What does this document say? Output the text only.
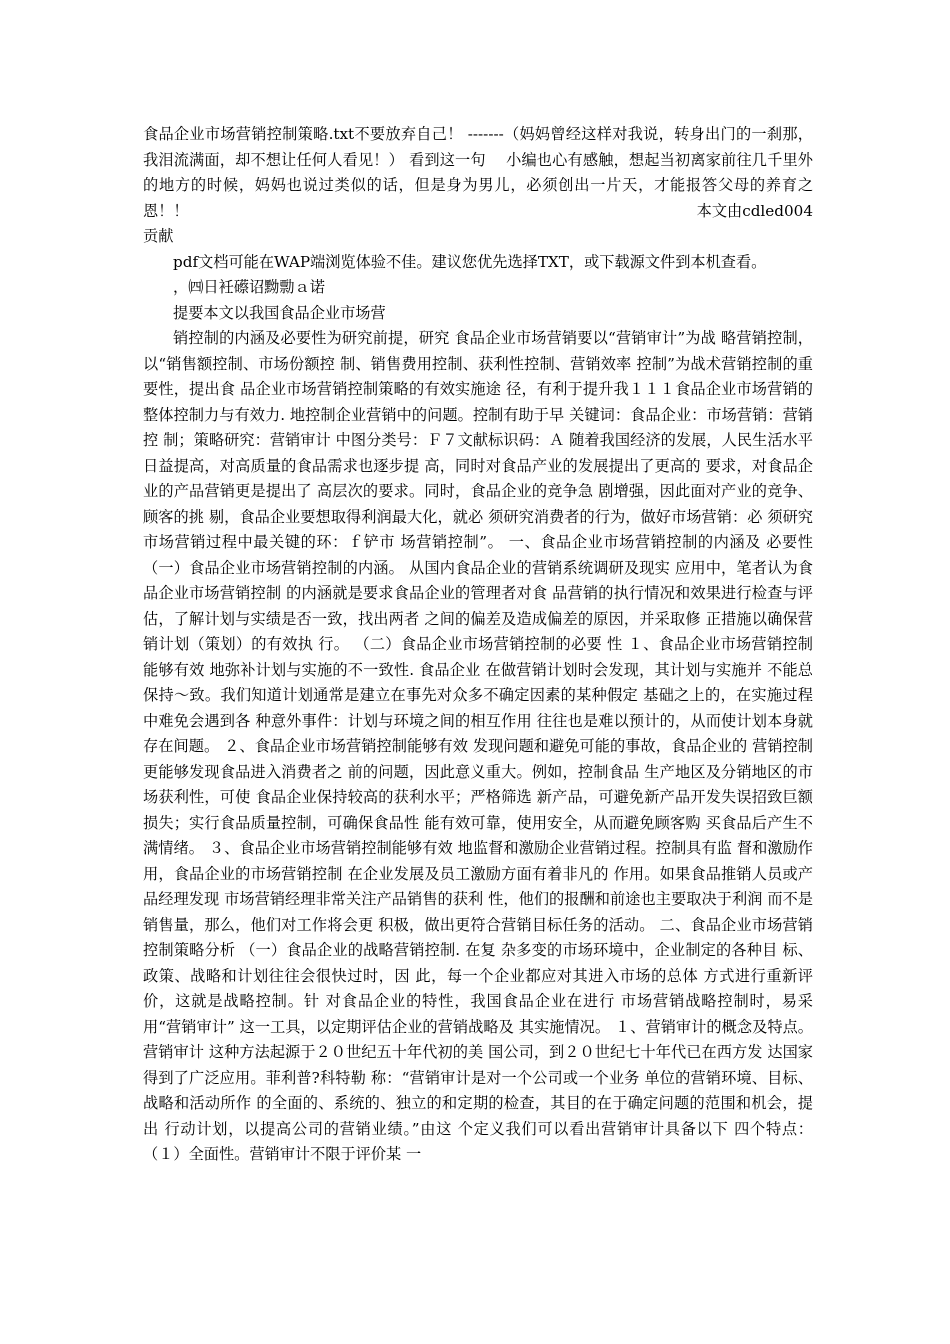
食品企业市场营销控制策略.txt不要放弃自己！ -------（妈妈曾经这样对我说，转身出门的一刹那，我泪流满面，却不想让任何人看见！） 看到这一句　 小编也心有感触，想起当初离家前往几千里外的地方的时候，妈妈也说过类似的话，但是身为男儿，必须创出一片天，才能报答父母的养育之恩！！	本文由cdled004

贡献

pdf文档可能在WAP端浏览体验不佳。建议您优先选择TXT，或下载源文件到本机查看。

，㈣日衽礤诏黝勡ａ诺

提要本文以我国食品企业市场营

销控制的内涵及必要性为研究前提，研究 食品企业市场营销要以“营销审计”为战 略营销控制，以“销售额控制、市场份额控 制、销售费用控制、获利性控制、营销效率 控制”为战术营销控制的重要性，提出食 品企业市场营销控制策略的有效实施途 径，有利于提升我１１１食品企业市场营销的 整体控制力与有效力. 地控制企业营销中的问题。控制有助于早 关键词：食品企业：市场营销：营销控 制；策略研究：营销审计 中图分类号：Ｆ７文献标识码：Ａ 随着我国经济的发展，人民生活水平 日益提高，对高质量的食品需求也逐步提 高，同时对食品产业的发展提出了更高的 要求，对食品企业的产品营销更是提出了 高层次的要求。同时，食品企业的竞争急 剧增强，因此面对产业的竞争、顾客的挑 剔，食品企业要想取得利润最大化，就必 须研究消费者的行为，做好市场营销：必 须研究市场营销过程中最关键的环：ｆ铲市 场营销控制”。 一、食品企业市场营销控制的内涵及 必要性 （一）食品企业市场营销控制的内涵。 从国内食品企业的营销系统调研及现实 应用中，笔者认为食品企业市场营销控制 的内涵就是要求食品企业的管理者对食 品营销的执行情况和效果进行检查与评 估，了解计划与实绩是否一致，找出两者 之间的偏差及造成偏差的原因，并采取修 正措施以确保营销计划（策划）的有效执 行。 （二）食品企业市场营销控制的必要 性 １、食品企业市场营销控制能够有效 地弥补计划与实施的不一致性. 食品企业 在做营销计划时会发现，其计划与实施并 不能总保持～致。我们知道计划通常是建立在事先对众多不确定因素的某种假定 基础之上的，在实施过程中难免会遇到各 种意外事件：计划与环境之间的相互作用 往往也是难以预计的，从而使计划本身就 存在间题。 ２、食品企业市场营销控制能够有效 发现问题和避免可能的事故，食品企业的 营销控制更能够发现食品进入消费者之 前的问题，因此意义重大。例如，控制食品 生产地区及分销地区的市场获利性，可使 食品企业保持较高的获利水平；严格筛选 新产品，可避免新产品开发失误招致巨额 损失；实行食品质量控制，可确保食品性 能有效可靠，使用安全，从而避免顾客购 买食品后产生不满情绪。 ３、食品企业市场营销控制能够有效 地监督和激励企业营销过程。控制具有监 督和激励作用，食品企业的市场营销控制 在企业发展及员工激励方面有着非凡的 作用。如果食品推销人员或产品经理发现 市场营销经理非常关注产品销售的获利 性，他们的报酬和前途也主要取决于利润 而不是销售量，那么，他们对工作将会更 积极，做出更符合营销目标任务的活动。 二、食品企业市场营销控制策略分析 （一）食品企业的战略营销控制. 在复 杂多变的市场环境中，企业制定的各种目 标、政策、战略和计划往往会很快过时，因 此，每一个企业都应对其进入市场的总体 方式进行重新评价，这就是战略控制。针 对食品企业的特性，我国食品企业在进行 市场营销战略控制时，易采用“营销审计” 这一工具，以定期评估企业的营销战略及 其实施情况。 １、营销审计的概念及特点。营销审计 这种方法起源于２０世纪五十年代初的美 国公司，到２０世纪七十年代已在西方发 达国家得到了广泛应用。菲利普?科特勒 称：“营销审计是对一个公司或一个业务 单位的营销环境、目标、战略和活动所作 的全面的、系统的、独立的和定期的检查，其目的在于确定问题的范围和机会，提出 行动计划，以提高公司的营销业绩。”由这 个定义我们可以看出营销审计具备以下 四个特点： （１）全面性。营销审计不限于评价某 一
